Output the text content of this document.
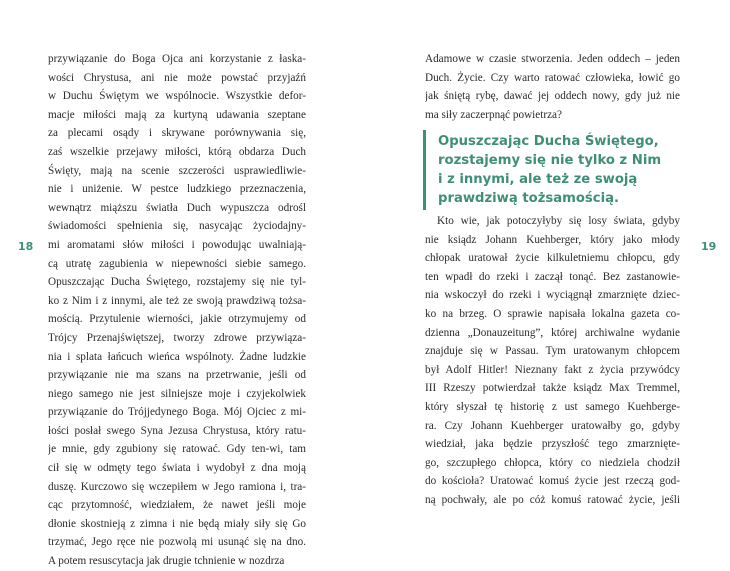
18
przywiązanie do Boga Ojca ani korzystanie z łaska-
wości Chrystusa, ani nie może powstać przyjaźń
w Duchu Świętym we wspólnocie. Wszystkie defor-
macje miłości mają za kurtyną udawania szeptane
za plecami osądy i skrywane porównywania się,
zaś wszelkie przejawy miłości, którą obdarza Duch
Święty, mają na scenie szczerości usprawiedliwie-
nie i uniżenie. W pestce ludzkiego przeznaczenia,
wewnątrz miąższu światła Duch wypuszcza odrośl
świadomości spełnienia się, nasycając życiodajny-
mi aromatami słów miłości i powodując uwalniają-
cą utratę zagubienia w niepewności siebie samego.
Opuszczając Ducha Świętego, rozstajemy się nie tyl-
ko z Nim i z innymi, ale też ze swoją prawdziwą tożsa-
mością. Przytulenie wierności, jakie otrzymujemy od
Trójcy Przenajświętszej, tworzy zdrowe przywiąza-
nia i splata łańcuch wieńca wspólnoty. Żadne ludzkie
przywiązanie nie ma szans na przetrwanie, jeśli od
niego samego nie jest silniejsze moje i czyjekolwiek
przywiązanie do Trójjedynego Boga. Mój Ojciec z mi-
łości posłał swego Syna Jezusa Chrystusa, który ratu-
je mnie, gdy zgubiony się ratować. Gdy ten-wi, tam
cił się w odmęty tego świata i wydobył z dna moją
duszę. Kurczowo się wczepiłem w Jego ramiona i, tra-
cąc przytomność, wiedziałem, że nawet jeśli moje
dłonie skostnieją z zimna i nie będą miały siły się Go
trzymać, Jego ręce nie pozwolą mi usunąć się na dno.
A potem resuscytacja jak drugie tchnienie w nozdrza
Adamowe w czasie stworzenia. Jeden oddech – jeden
Duch. Życie. Czy warto ratować człowieka, łowić go
jak śniętą rybę, dawać jej oddech nowy, gdy już nie
ma siły zaczerpnąć powietrza?
Opuszczając Ducha Świętego,
rozstajemy się nie tylko z Nim
i z innymi, ale też ze swoją
prawdziwą tożsamością.
Kto wie, jak potoczyłyby się losy świata, gdyby
nie ksiądz Johann Kuehberger, który jako młody
chłopak uratował życie kilkuletniemu chłopcu, gdy
ten wpadł do rzeki i zaczął tonąć. Bez zastanowie-
nia wskoczył do rzeki i wyciągnął zmarznięte dziec-
ko na brzeg. O sprawie napisała lokalna gazeta co-
dzienna „Donauzeitung”, której archiwalne wydanie
znajduje się w Passau. Tym uratowanym chłopcem
był Adolf Hitler! Nieznany fakt z życia przywódcy
III Rzeszy potwierdzał także ksiądz Max Tremmel,
który słyszał tę historię z ust samego Kuehberge-
ra. Czy Johann Kuehberger uratowałby go, gdyby
wiedział, jaka będzie przyszłość tego zmarznięte-
go, szczupłego chłopca, który co niedziela chodził
do kościoła? Uratować komuś życie jest rzeczą god-
ną pochwały, ale po cóż komuś ratować życie, jeśli
19
